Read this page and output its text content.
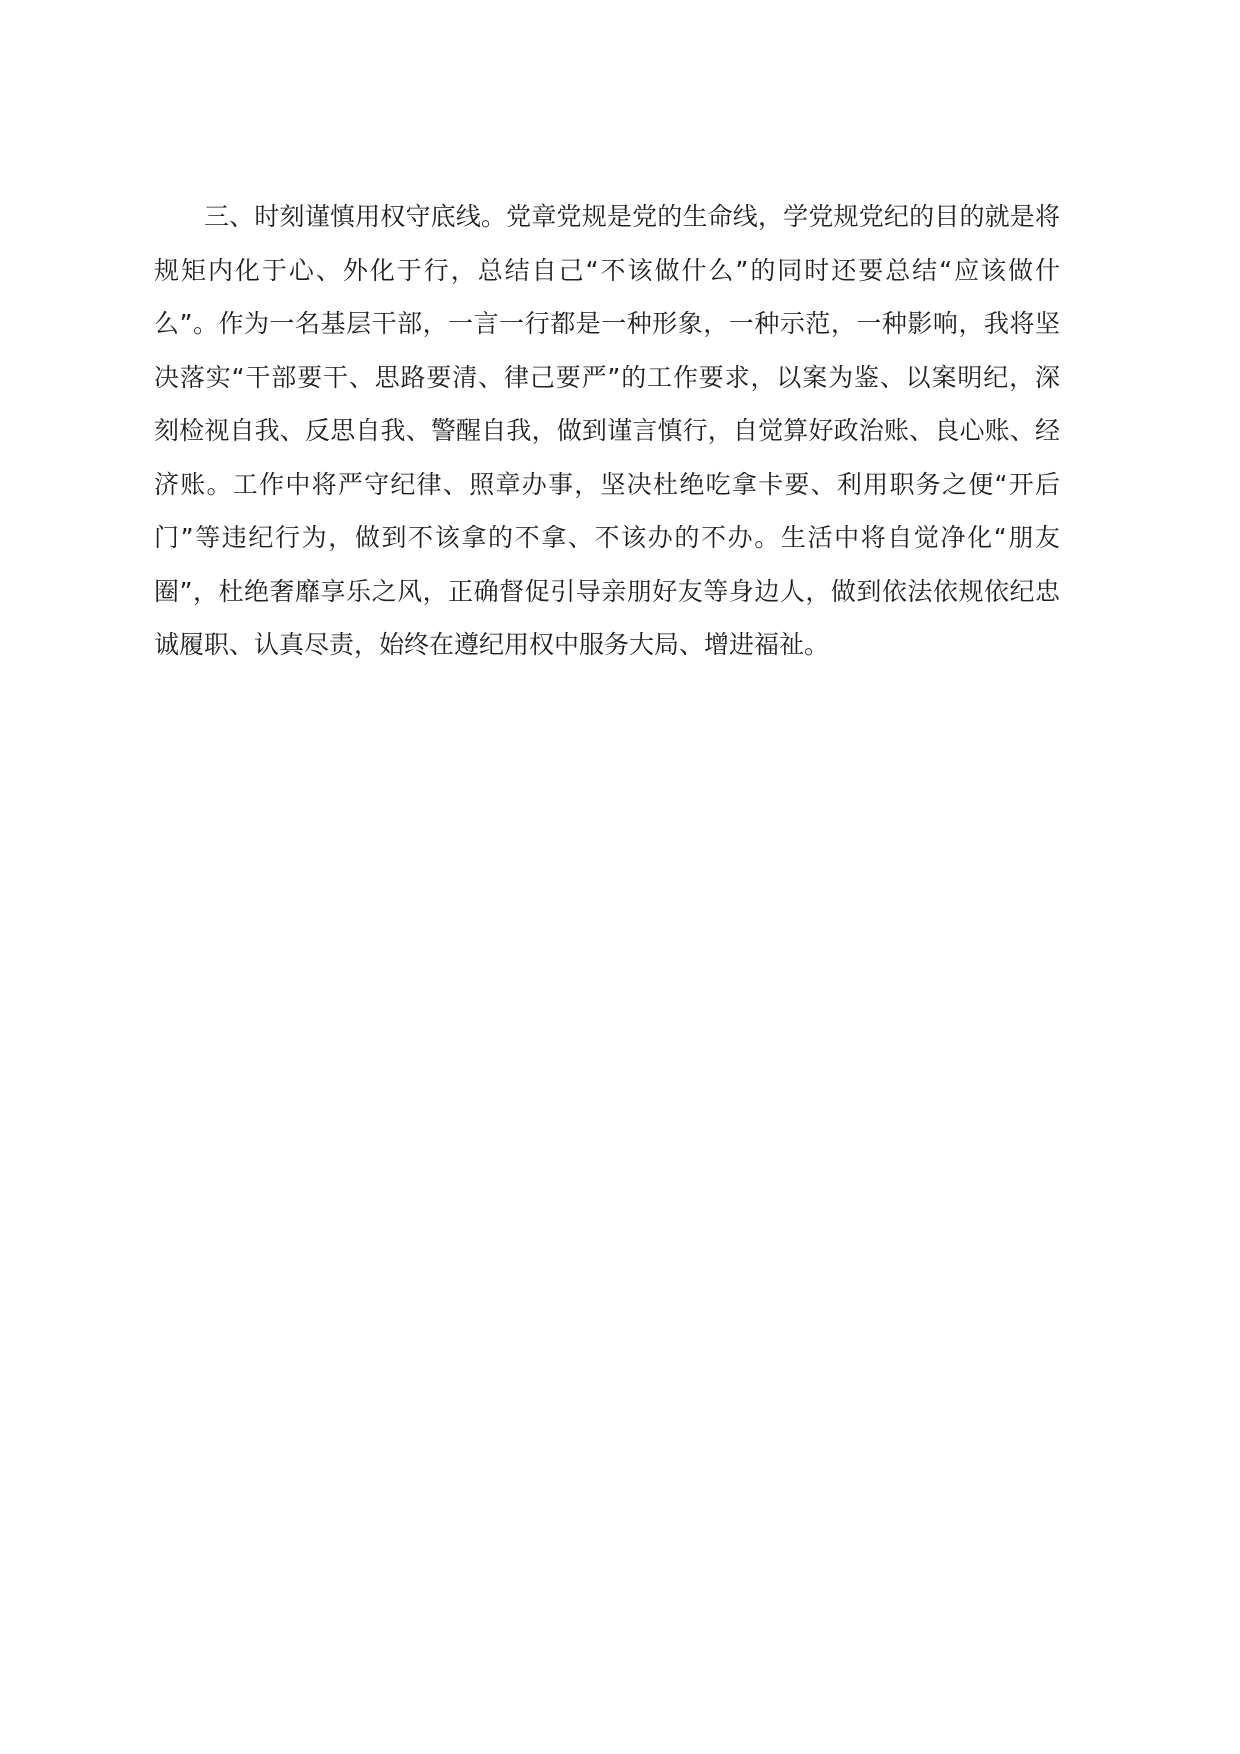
三、时刻谨慎用权守底线。党章党规是党的生命线，学党规党纪的目的就是将
规矩内化于心、外化于行，总结自己“不该做什么”的同时还要总结“应该做什
么”。作为一名基层干部，一言一行都是一种形象，一种示范，一种影响，我将坚
决落实“干部要干、思路要清、律己要严”的工作要求，以案为鉴、以案明纪，深
刻检视自我、反思自我、警醒自我，做到谨言慎行，自觉算好政治账、良心账、经
济账。工作中将严守纪律、照章办事，坚决杜绝吃拿卡要、利用职务之便“开后
门”等违纪行为，做到不该拿的不拿、不该办的不办。生活中将自觉净化“朋友
圈”，杜绝奢靡享乐之风，正确督促引导亲朋好友等身边人，做到依法依规依纪忠
诚履职、认真尽责，始终在遵纪用权中服务大局、增进福祉。
